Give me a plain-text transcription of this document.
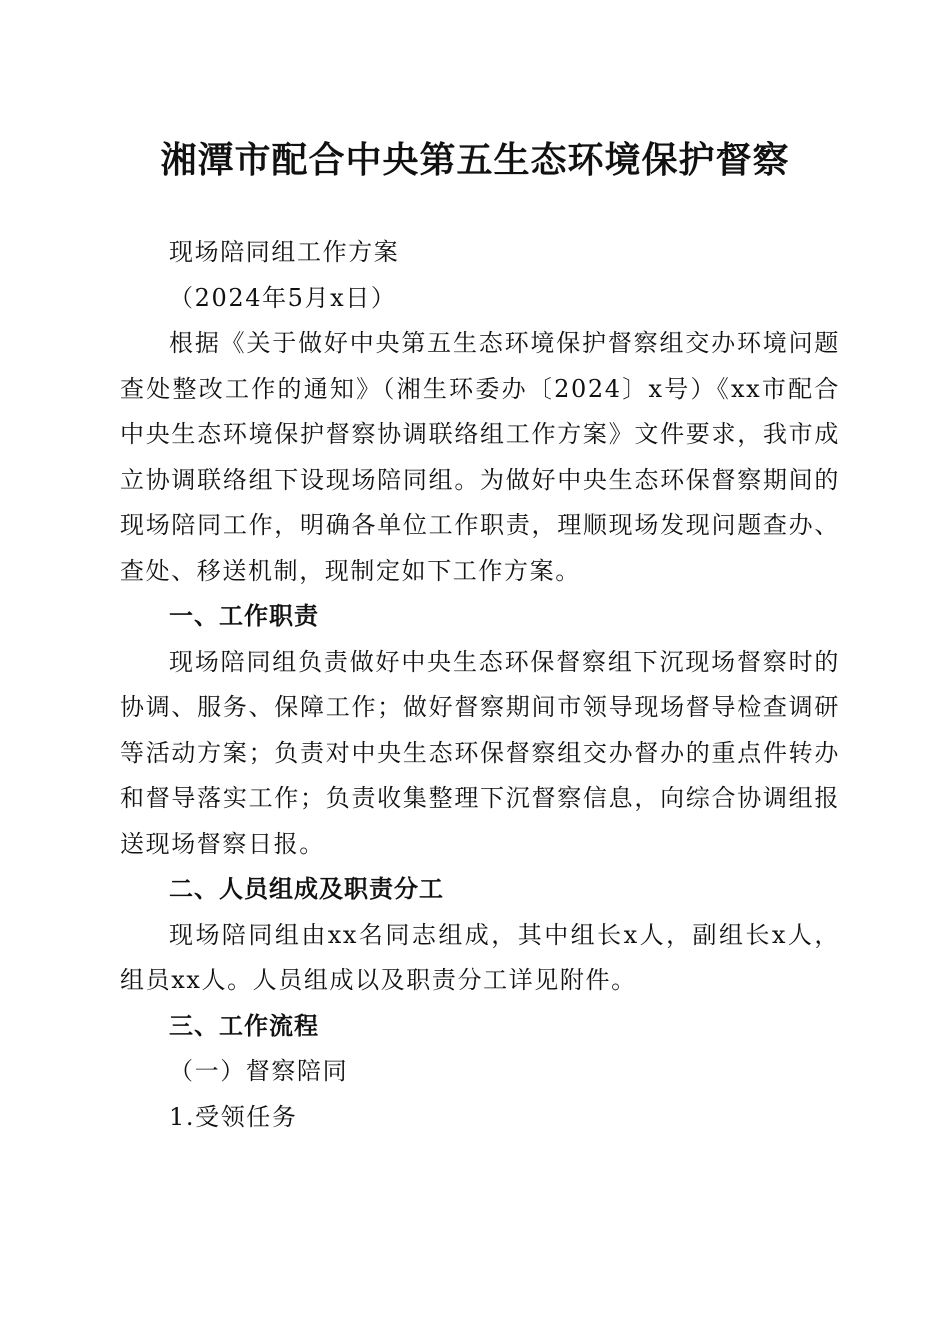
湘潭市配合中央第五生态环境保护督察

现场陪同组工作方案

（2024年5月x日）

根据《关于做好中央第五生态环境保护督察组交办环境问题查处整改工作的通知》（湘生环委办〔2024〕x号）《xx市配合中央生态环境保护督察协调联络组工作方案》文件要求，我市成立协调联络组下设现场陪同组。为做好中央生态环保督察期间的现场陪同工作，明确各单位工作职责，理顺现场发现问题查办、查处、移送机制，现制定如下工作方案。

一、工作职责

现场陪同组负责做好中央生态环保督察组下沉现场督察时的协调、服务、保障工作；做好督察期间市领导现场督导检查调研等活动方案；负责对中央生态环保督察组交办督办的重点件转办和督导落实工作；负责收集整理下沉督察信息，向综合协调组报送现场督察日报。

二、人员组成及职责分工

现场陪同组由xx名同志组成，其中组长x人，副组长x人，组员xx人。人员组成以及职责分工详见附件。

三、工作流程

（一）督察陪同

1.受领任务
